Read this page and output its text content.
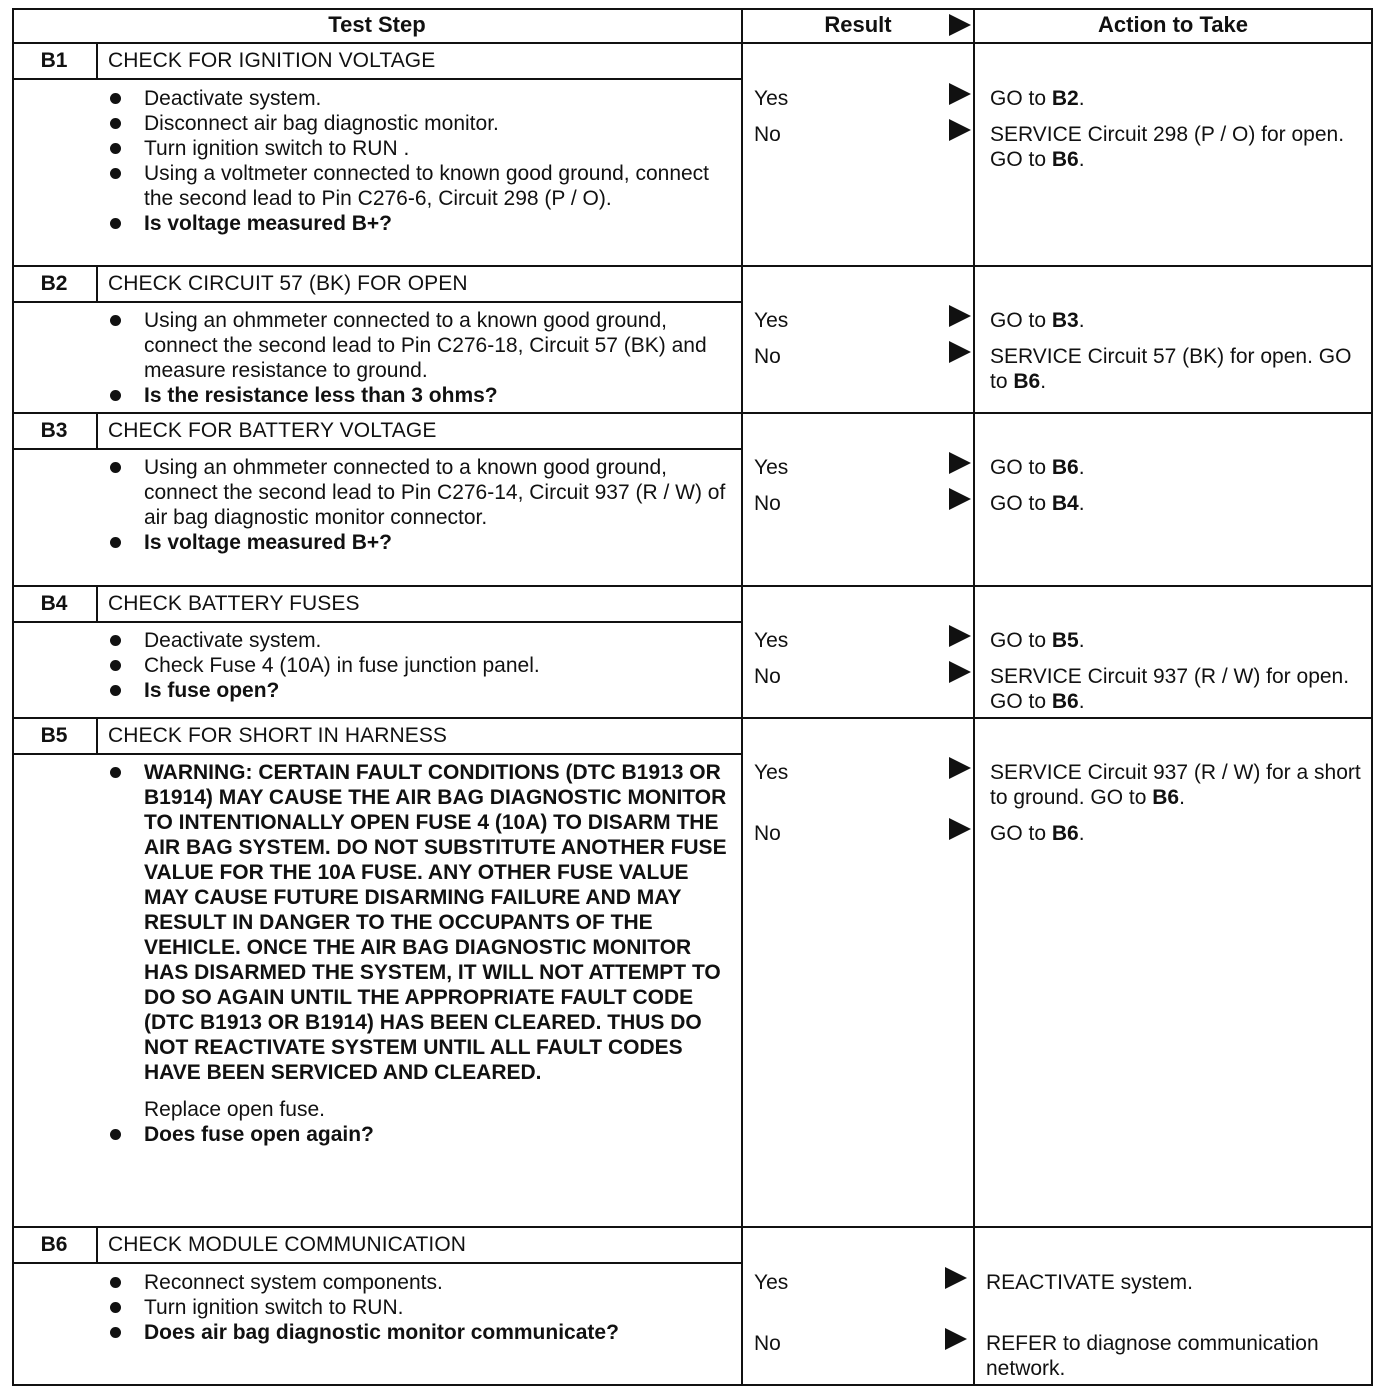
Test Step	Result	Action to Take
B1	CHECK FOR IGNITION VOLTAGE
Deactivate system.
Disconnect air bag diagnostic monitor.
Turn ignition switch to RUN .
Using a voltmeter connected to known good ground, connect the second lead to Pin C276-6, Circuit 298 (P / O).
Is voltage measured B+?
Yes	GO to B2.
No	SERVICE Circuit 298 (P / O) for open. GO to B6.
B2	CHECK CIRCUIT 57 (BK) FOR OPEN
Using an ohmmeter connected to a known good ground, connect the second lead to Pin C276-18, Circuit 57 (BK) and measure resistance to ground.
Is the resistance less than 3 ohms?
Yes	GO to B3.
No	SERVICE Circuit 57 (BK) for open. GO to B6.
B3	CHECK FOR BATTERY VOLTAGE
Using an ohmmeter connected to a known good ground, connect the second lead to Pin C276-14, Circuit 937 (R / W) of air bag diagnostic monitor connector.
Is voltage measured B+?
Yes	GO to B6.
No	GO to B4.
B4	CHECK BATTERY FUSES
Deactivate system.
Check Fuse 4 (10A) in fuse junction panel.
Is fuse open?
Yes	GO to B5.
No	SERVICE Circuit 937 (R / W) for open. GO to B6.
B5	CHECK FOR SHORT IN HARNESS
WARNING: CERTAIN FAULT CONDITIONS (DTC B1913 OR B1914) MAY CAUSE THE AIR BAG DIAGNOSTIC MONITOR TO INTENTIONALLY OPEN FUSE 4 (10A) TO DISARM THE AIR BAG SYSTEM. DO NOT SUBSTITUTE ANOTHER FUSE VALUE FOR THE 10A FUSE. ANY OTHER FUSE VALUE MAY CAUSE FUTURE DISARMING FAILURE AND MAY RESULT IN DANGER TO THE OCCUPANTS OF THE VEHICLE. ONCE THE AIR BAG DIAGNOSTIC MONITOR HAS DISARMED THE SYSTEM, IT WILL NOT ATTEMPT TO DO SO AGAIN UNTIL THE APPROPRIATE FAULT CODE (DTC B1913 OR B1914) HAS BEEN CLEARED. THUS DO NOT REACTIVATE SYSTEM UNTIL ALL FAULT CODES HAVE BEEN SERVICED AND CLEARED.
Replace open fuse.
Does fuse open again?
Yes	SERVICE Circuit 937 (R / W) for a short to ground. GO to B6.
No	GO to B6.
B6	CHECK MODULE COMMUNICATION
Reconnect system components.
Turn ignition switch to RUN.
Does air bag diagnostic monitor communicate?
Yes	REACTIVATE system.
No	REFER to diagnose communication network.
